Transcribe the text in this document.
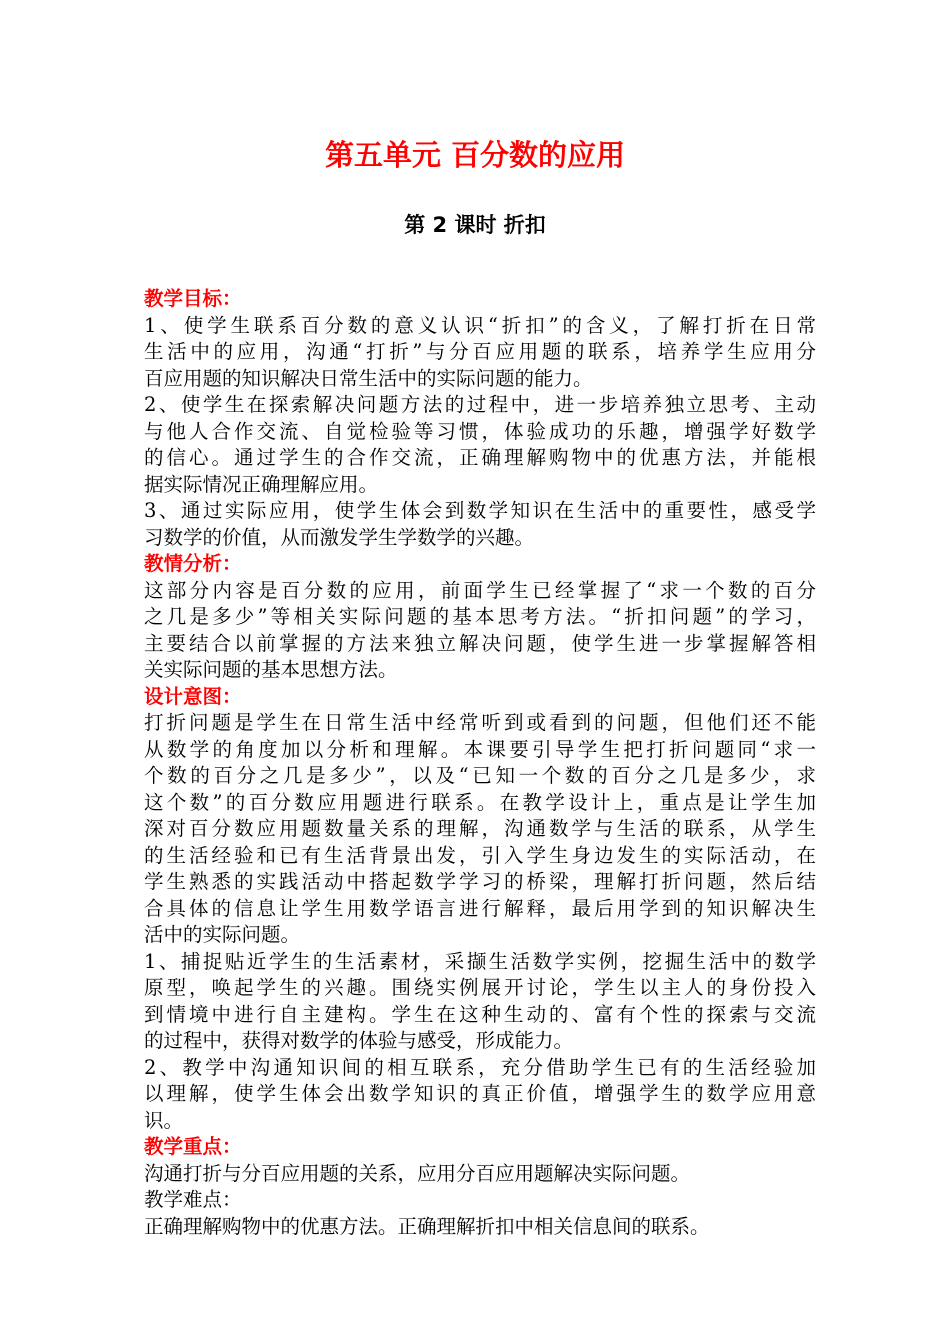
第五单元 百分数的应用
第 2 课时 折扣
教学目标：
1、使学生联系百分数的意义认识“折扣”的含义，了解打折在日常
生活中的应用，沟通“打折”与分百应用题的联系，培养学生应用分
百应用题的知识解决日常生活中的实际问题的能力。
2、使学生在探索解决问题方法的过程中，进一步培养独立思考、主动
与他人合作交流、自觉检验等习惯，体验成功的乐趣，增强学好数学
的信心。通过学生的合作交流，正确理解购物中的优惠方法，并能根
据实际情况正确理解应用。
3、通过实际应用，使学生体会到数学知识在生活中的重要性，感受学
习数学的价值，从而激发学生学数学的兴趣。
教情分析：
这部分内容是百分数的应用，前面学生已经掌握了“求一个数的百分
之几是多少”等相关实际问题的基本思考方法。“折扣问题”的学习，
主要结合以前掌握的方法来独立解决问题，使学生进一步掌握解答相
关实际问题的基本思想方法。
设计意图：
打折问题是学生在日常生活中经常听到或看到的问题，但他们还不能
从数学的角度加以分析和理解。本课要引导学生把打折问题同“求一
个数的百分之几是多少”，以及“已知一个数的百分之几是多少，求
这个数”的百分数应用题进行联系。在教学设计上，重点是让学生加
深对百分数应用题数量关系的理解，沟通数学与生活的联系，从学生
的生活经验和已有生活背景出发，引入学生身边发生的实际活动，在
学生熟悉的实践活动中搭起数学学习的桥梁，理解打折问题，然后结
合具体的信息让学生用数学语言进行解释，最后用学到的知识解决生
活中的实际问题。
1、捕捉贴近学生的生活素材，采撷生活数学实例，挖掘生活中的数学
原型，唤起学生的兴趣。围绕实例展开讨论，学生以主人的身份投入
到情境中进行自主建构。学生在这种生动的、富有个性的探索与交流
的过程中，获得对数学的体验与感受，形成能力。
2、教学中沟通知识间的相互联系，充分借助学生已有的生活经验加
以理解，使学生体会出数学知识的真正价值，增强学生的数学应用意
识。
教学重点：
沟通打折与分百应用题的关系，应用分百应用题解决实际问题。
教学难点：
正确理解购物中的优惠方法。正确理解折扣中相关信息间的联系。
